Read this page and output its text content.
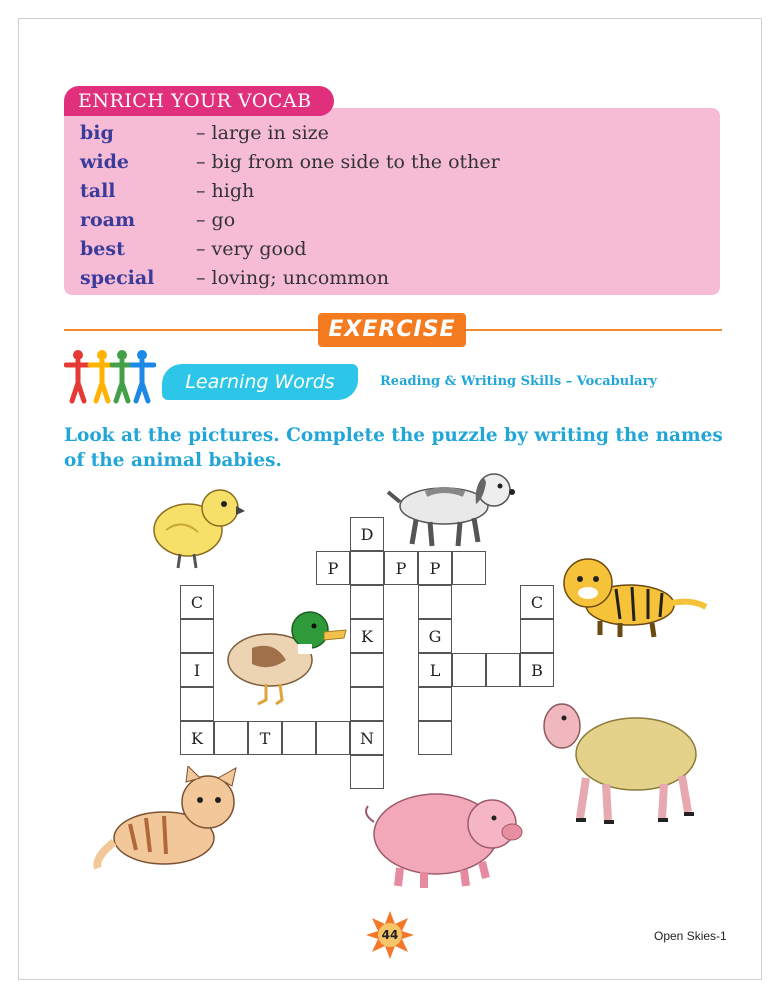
ENRICH YOUR VOCAB
big	– large in size
wide	– big from one side to the other
tall	– high
roam	– go
best	– very good
special – loving; uncommon
EXERCISE
Learning Words	Reading & Writing Skills – Vocabulary
Look at the pictures. Complete the puzzle by writing the names of the animal babies.
D
P	P	P
C	C
K	G
I	L	B
K	T	N
44	Open Skies-1
